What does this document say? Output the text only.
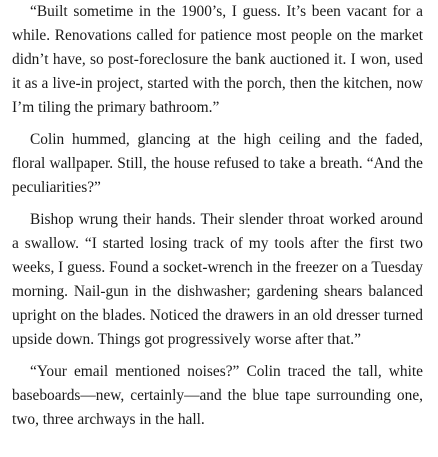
“Built sometime in the 1900’s, I guess. It’s been vacant for a while. Renovations called for patience most people on the market didn’t have, so post-foreclosure the bank auctioned it. I won, used it as a live-in project, started with the porch, then the kitchen, now I’m tiling the primary bathroom.”

Colin hummed, glancing at the high ceiling and the faded, floral wallpaper. Still, the house refused to take a breath. “And the peculiarities?”

Bishop wrung their hands. Their slender throat worked around a swallow. “I started losing track of my tools after the first two weeks, I guess. Found a socket-wrench in the freezer on a Tuesday morning. Nail-gun in the dishwasher; gardening shears balanced upright on the blades. Noticed the drawers in an old dresser turned upside down. Things got progressively worse after that.”

“Your email mentioned noises?” Colin traced the tall, white baseboards—new, certainly—and the blue tape surrounding one, two, three archways in the hall.
